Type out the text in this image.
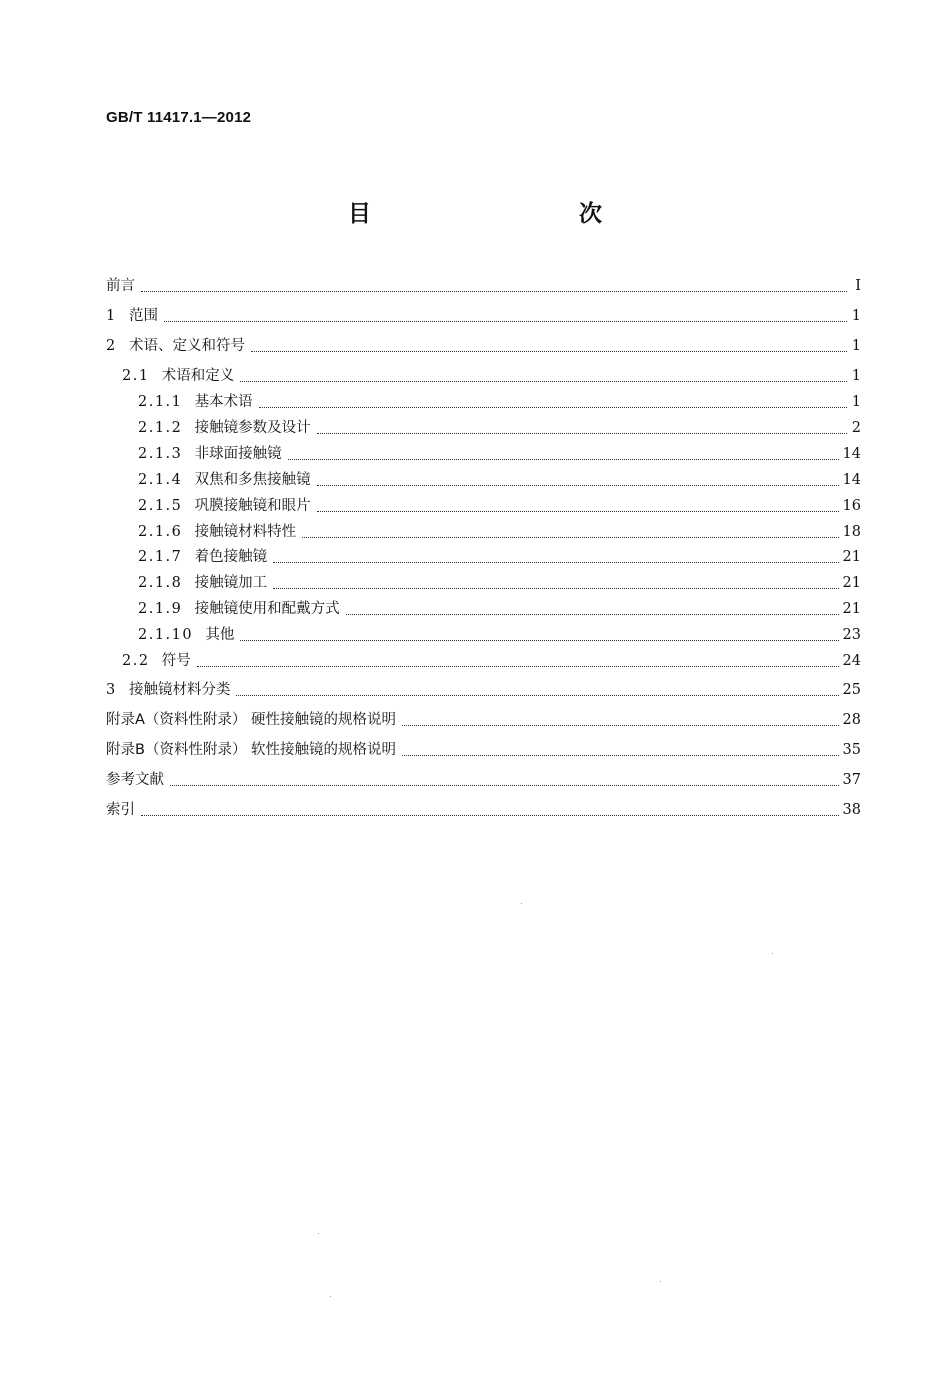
GB/T 11417.1—2012
目　　次
前言	Ⅰ
1 范围	1
2 术语、定义和符号	1
2.1 术语和定义	1
2.1.1 基本术语	1
2.1.2 接触镜参数及设计	2
2.1.3 非球面接触镜	14
2.1.4 双焦和多焦接触镜	14
2.1.5 巩膜接触镜和眼片	16
2.1.6 接触镜材料特性	18
2.1.7 着色接触镜	21
2.1.8 接触镜加工	21
2.1.9 接触镜使用和配戴方式	21
2.1.10 其他	23
2.2 符号	24
3 接触镜材料分类	25
附录A（资料性附录） 硬性接触镜的规格说明	28
附录B（资料性附录） 软性接触镜的规格说明	35
参考文献	37
索引	38
